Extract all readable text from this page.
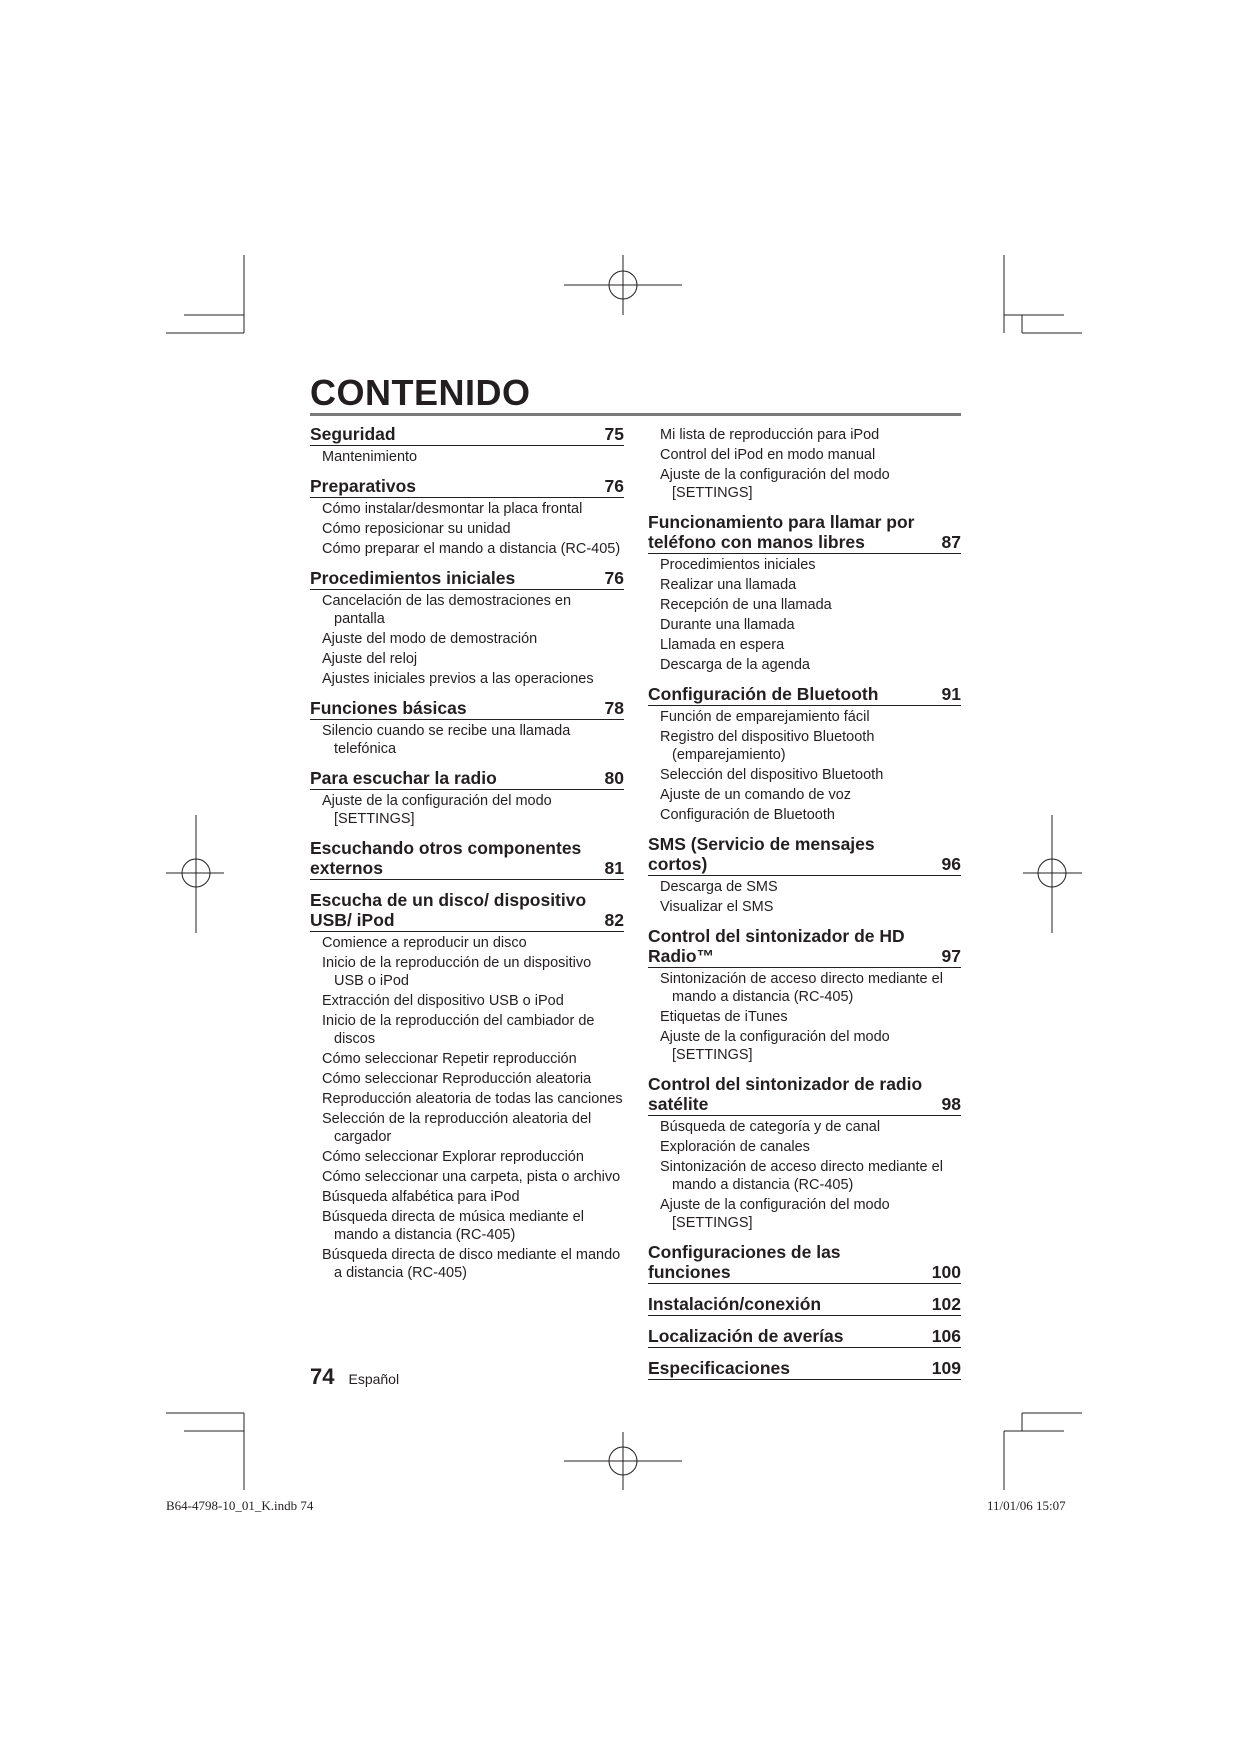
CONTENIDO
Seguridad	75
Mantenimiento
Preparativos	76
Cómo instalar/desmontar la placa frontal
Cómo reposicionar su unidad
Cómo preparar el mando a distancia (RC-405)
Procedimientos iniciales	76
Cancelación de las demostraciones en pantalla
Ajuste del modo de demostración
Ajuste del reloj
Ajustes iniciales previos a las operaciones
Funciones básicas	78
Silencio cuando se recibe una llamada telefónica
Para escuchar la radio	80
Ajuste de la configuración del modo [SETTINGS]
Escuchando otros componentes externos	81
Escucha de un disco/ dispositivo USB/ iPod	82
Comience a reproducir un disco
Inicio de la reproducción de un dispositivo USB o iPod
Extracción del dispositivo USB o iPod
Inicio de la reproducción del cambiador de discos
Cómo seleccionar Repetir reproducción
Cómo seleccionar Reproducción aleatoria
Reproducción aleatoria de todas las canciones
Selección de la reproducción aleatoria del cargador
Cómo seleccionar Explorar reproducción
Cómo seleccionar una carpeta, pista o archivo
Búsqueda alfabética para iPod
Búsqueda directa de música mediante el mando a distancia (RC-405)
Búsqueda directa de disco mediante el mando a distancia (RC-405)
Mi lista de reproducción para iPod
Control del iPod en modo manual
Ajuste de la configuración del modo [SETTINGS]
Funcionamiento para llamar por teléfono con manos libres	87
Procedimientos iniciales
Realizar una llamada
Recepción de una llamada
Durante una llamada
Llamada en espera
Descarga de la agenda
Configuración de Bluetooth	91
Función de emparejamiento fácil
Registro del dispositivo Bluetooth (emparejamiento)
Selección del dispositivo Bluetooth
Ajuste de un comando de voz
Configuración de Bluetooth
SMS (Servicio de mensajes cortos)	96
Descarga de SMS
Visualizar el SMS
Control del sintonizador de HD Radio™	97
Sintonización de acceso directo mediante el mando a distancia (RC-405)
Etiquetas de iTunes
Ajuste de la configuración del modo [SETTINGS]
Control del sintonizador de radio satélite	98
Búsqueda de categoría y de canal
Exploración de canales
Sintonización de acceso directo mediante el mando a distancia (RC-405)
Ajuste de la configuración del modo [SETTINGS]
Configuraciones de las funciones	100
Instalación/conexión	102
Localización de averías	106
Especificaciones	109
74 Español
B64-4798-10_01_K.indb 74	11/01/06 15:07
